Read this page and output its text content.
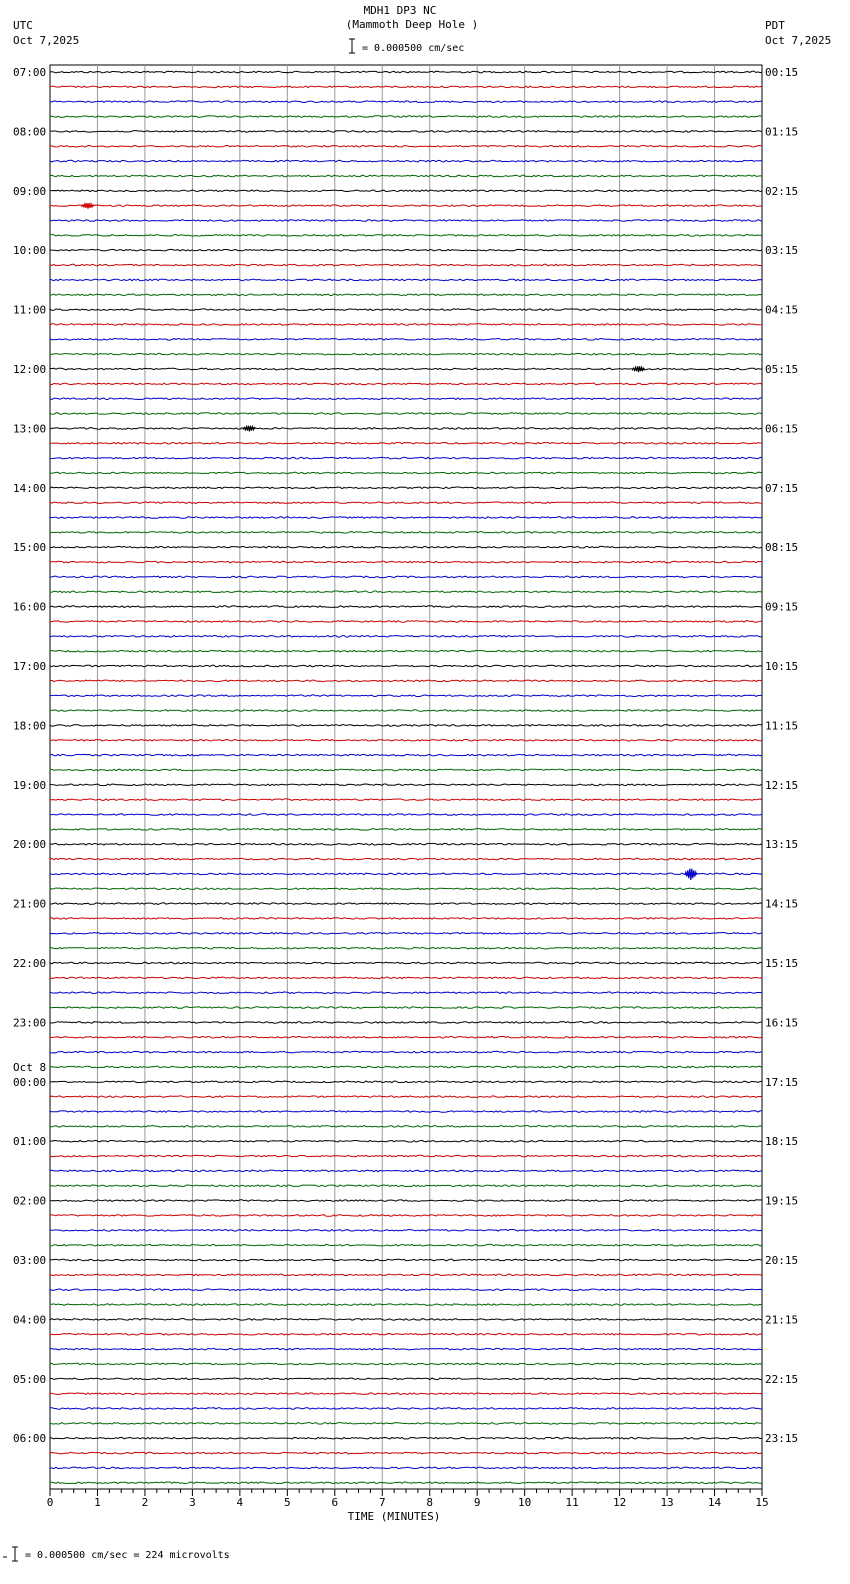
MDH1 DP3 NC
(Mammoth Deep Hole )
= 0.000500 cm/sec
UTC
Oct 7,2025
PDT
Oct 7,2025
Oct 8
= 0.000500 cm/sec = 224 microvolts
0	1	2	3	4	5	6	7	8	9	10	11	12	13	14	15
TIME (MINUTES)
07:00	00:15
08:00	01:15
09:00	02:15
10:00	03:15
11:00	04:15
12:00	05:15
13:00	06:15
14:00	07:15
15:00	08:15
16:00	09:15
17:00	10:15
18:00	11:15
19:00	12:15
20:00	13:15
21:00	14:15
22:00	15:15
23:00	16:15
00:00	17:15
01:00	18:15
02:00	19:15
03:00	20:15
04:00	21:15
05:00	22:15
06:00	23:15
